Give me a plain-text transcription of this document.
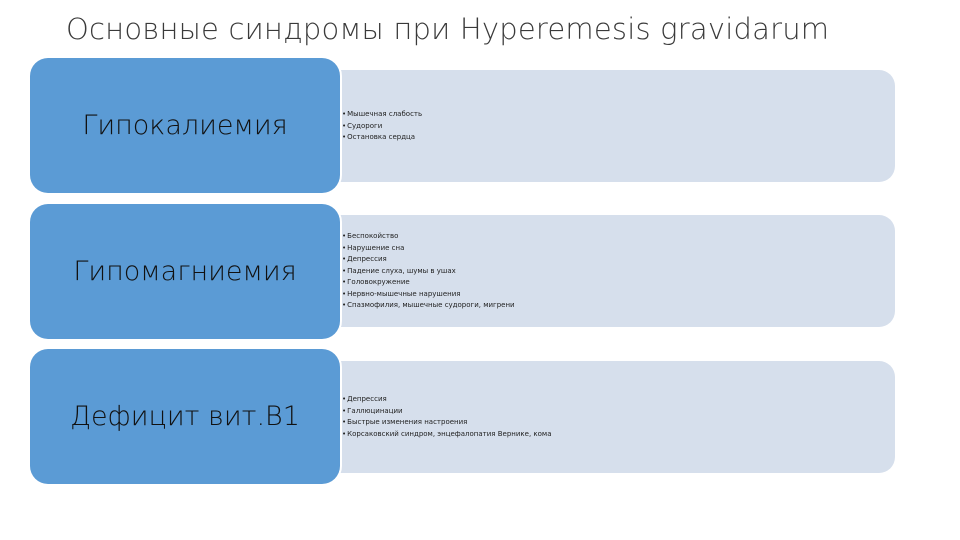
Основные синдромы при Hyperemesis gravidarum
• Мышечная слабость
• Судороги
• Остановка сердца
Гипокалиемия
• Беспокойство
• Нарушение сна
• Депрессия
• Падение слуха, шумы в ушах
• Головокружение
• Нервно-мышечные нарушения
• Спазмофилия, мышечные судороги, мигрени
Гипомагниемия
• Депрессия
• Галлюцинации
• Быстрые изменения настроения
• Корсаковский синдром, энцефалопатия Вернике, кома
Дефицит вит.В1
